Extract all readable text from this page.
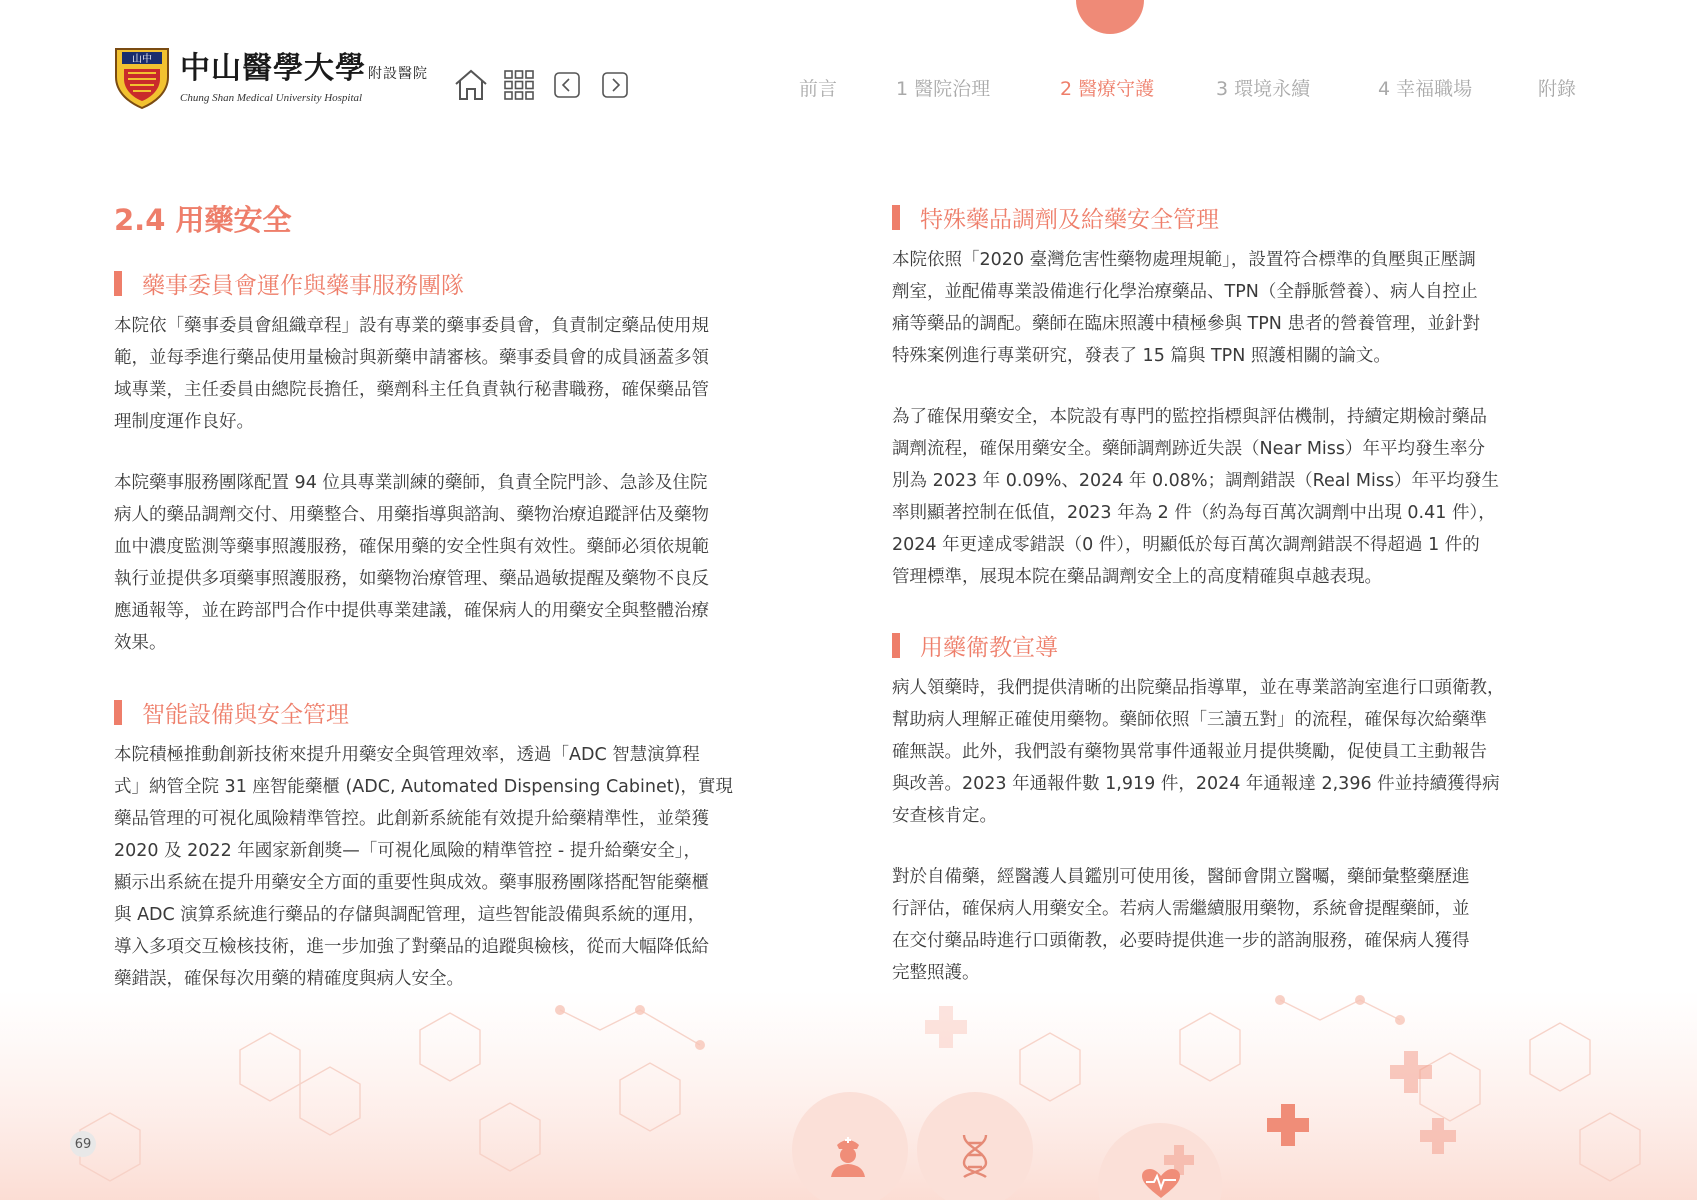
山中 中山醫學大學 附設醫院
Chung Shan Medical University Hospital	前言	1 醫院治理	2 醫療守護	3 環境永續	4 幸福職場	附錄
2.4 用藥安全
藥事委員會運作與藥事服務團隊
本院依「藥事委員會組織章程」設有專業的藥事委員會，負責制定藥品使用規
範，並每季進行藥品使用量檢討與新藥申請審核。藥事委員會的成員涵蓋多領
域專業，主任委員由總院長擔任，藥劑科主任負責執行秘書職務，確保藥品管
理制度運作良好。
本院藥事服務團隊配置 94 位具專業訓練的藥師，負責全院門診、急診及住院
病人的藥品調劑交付、用藥整合、用藥指導與諮詢、藥物治療追蹤評估及藥物
血中濃度監測等藥事照護服務，確保用藥的安全性與有效性。藥師必須依規範
執行並提供多項藥事照護服務，如藥物治療管理、藥品過敏提醒及藥物不良反
應通報等，並在跨部門合作中提供專業建議，確保病人的用藥安全與整體治療
效果。
智能設備與安全管理
本院積極推動創新技術來提升用藥安全與管理效率，透過「ADC 智慧演算程
式」納管全院 31 座智能藥櫃 (ADC, Automated Dispensing Cabinet)，實現
藥品管理的可視化風險精準管控。此創新系統能有效提升給藥精準性，並榮獲
2020 及 2022 年國家新創獎—「可視化風險的精準管控 - 提升給藥安全」，
顯示出系統在提升用藥安全方面的重要性與成效。藥事服務團隊搭配智能藥櫃
與 ADC 演算系統進行藥品的存儲與調配管理，這些智能設備與系統的運用，
導入多項交互檢核技術，進一步加強了對藥品的追蹤與檢核，從而大幅降低給
藥錯誤，確保每次用藥的精確度與病人安全。
特殊藥品調劑及給藥安全管理
本院依照「2020 臺灣危害性藥物處理規範」，設置符合標準的負壓與正壓調
劑室，並配備專業設備進行化學治療藥品、TPN（全靜脈營養）、病人自控止
痛等藥品的調配。藥師在臨床照護中積極參與 TPN 患者的營養管理，並針對
特殊案例進行專業研究，發表了 15 篇與 TPN 照護相關的論文。
為了確保用藥安全，本院設有專門的監控指標與評估機制，持續定期檢討藥品
調劑流程，確保用藥安全。藥師調劑跡近失誤（Near Miss）年平均發生率分
別為 2023 年 0.09%、2024 年 0.08%；調劑錯誤（Real Miss）年平均發生
率則顯著控制在低值，2023 年為 2 件（約為每百萬次調劑中出現 0.41 件），
2024 年更達成零錯誤（0 件），明顯低於每百萬次調劑錯誤不得超過 1 件的
管理標準，展現本院在藥品調劑安全上的高度精確與卓越表現。
用藥衛教宣導
病人領藥時，我們提供清晰的出院藥品指導單，並在專業諮詢室進行口頭衛教，
幫助病人理解正確使用藥物。藥師依照「三讀五對」的流程，確保每次給藥準
確無誤。此外，我們設有藥物異常事件通報並月提供獎勵，促使員工主動報告
與改善。2023 年通報件數 1,919 件，2024 年通報達 2,396 件並持續獲得病
安查核肯定。
對於自備藥，經醫護人員鑑別可使用後，醫師會開立醫囑，藥師彙整藥歷進
行評估，確保病人用藥安全。若病人需繼續服用藥物，系統會提醒藥師，並
在交付藥品時進行口頭衛教，必要時提供進一步的諮詢服務，確保病人獲得
完整照護。
69
